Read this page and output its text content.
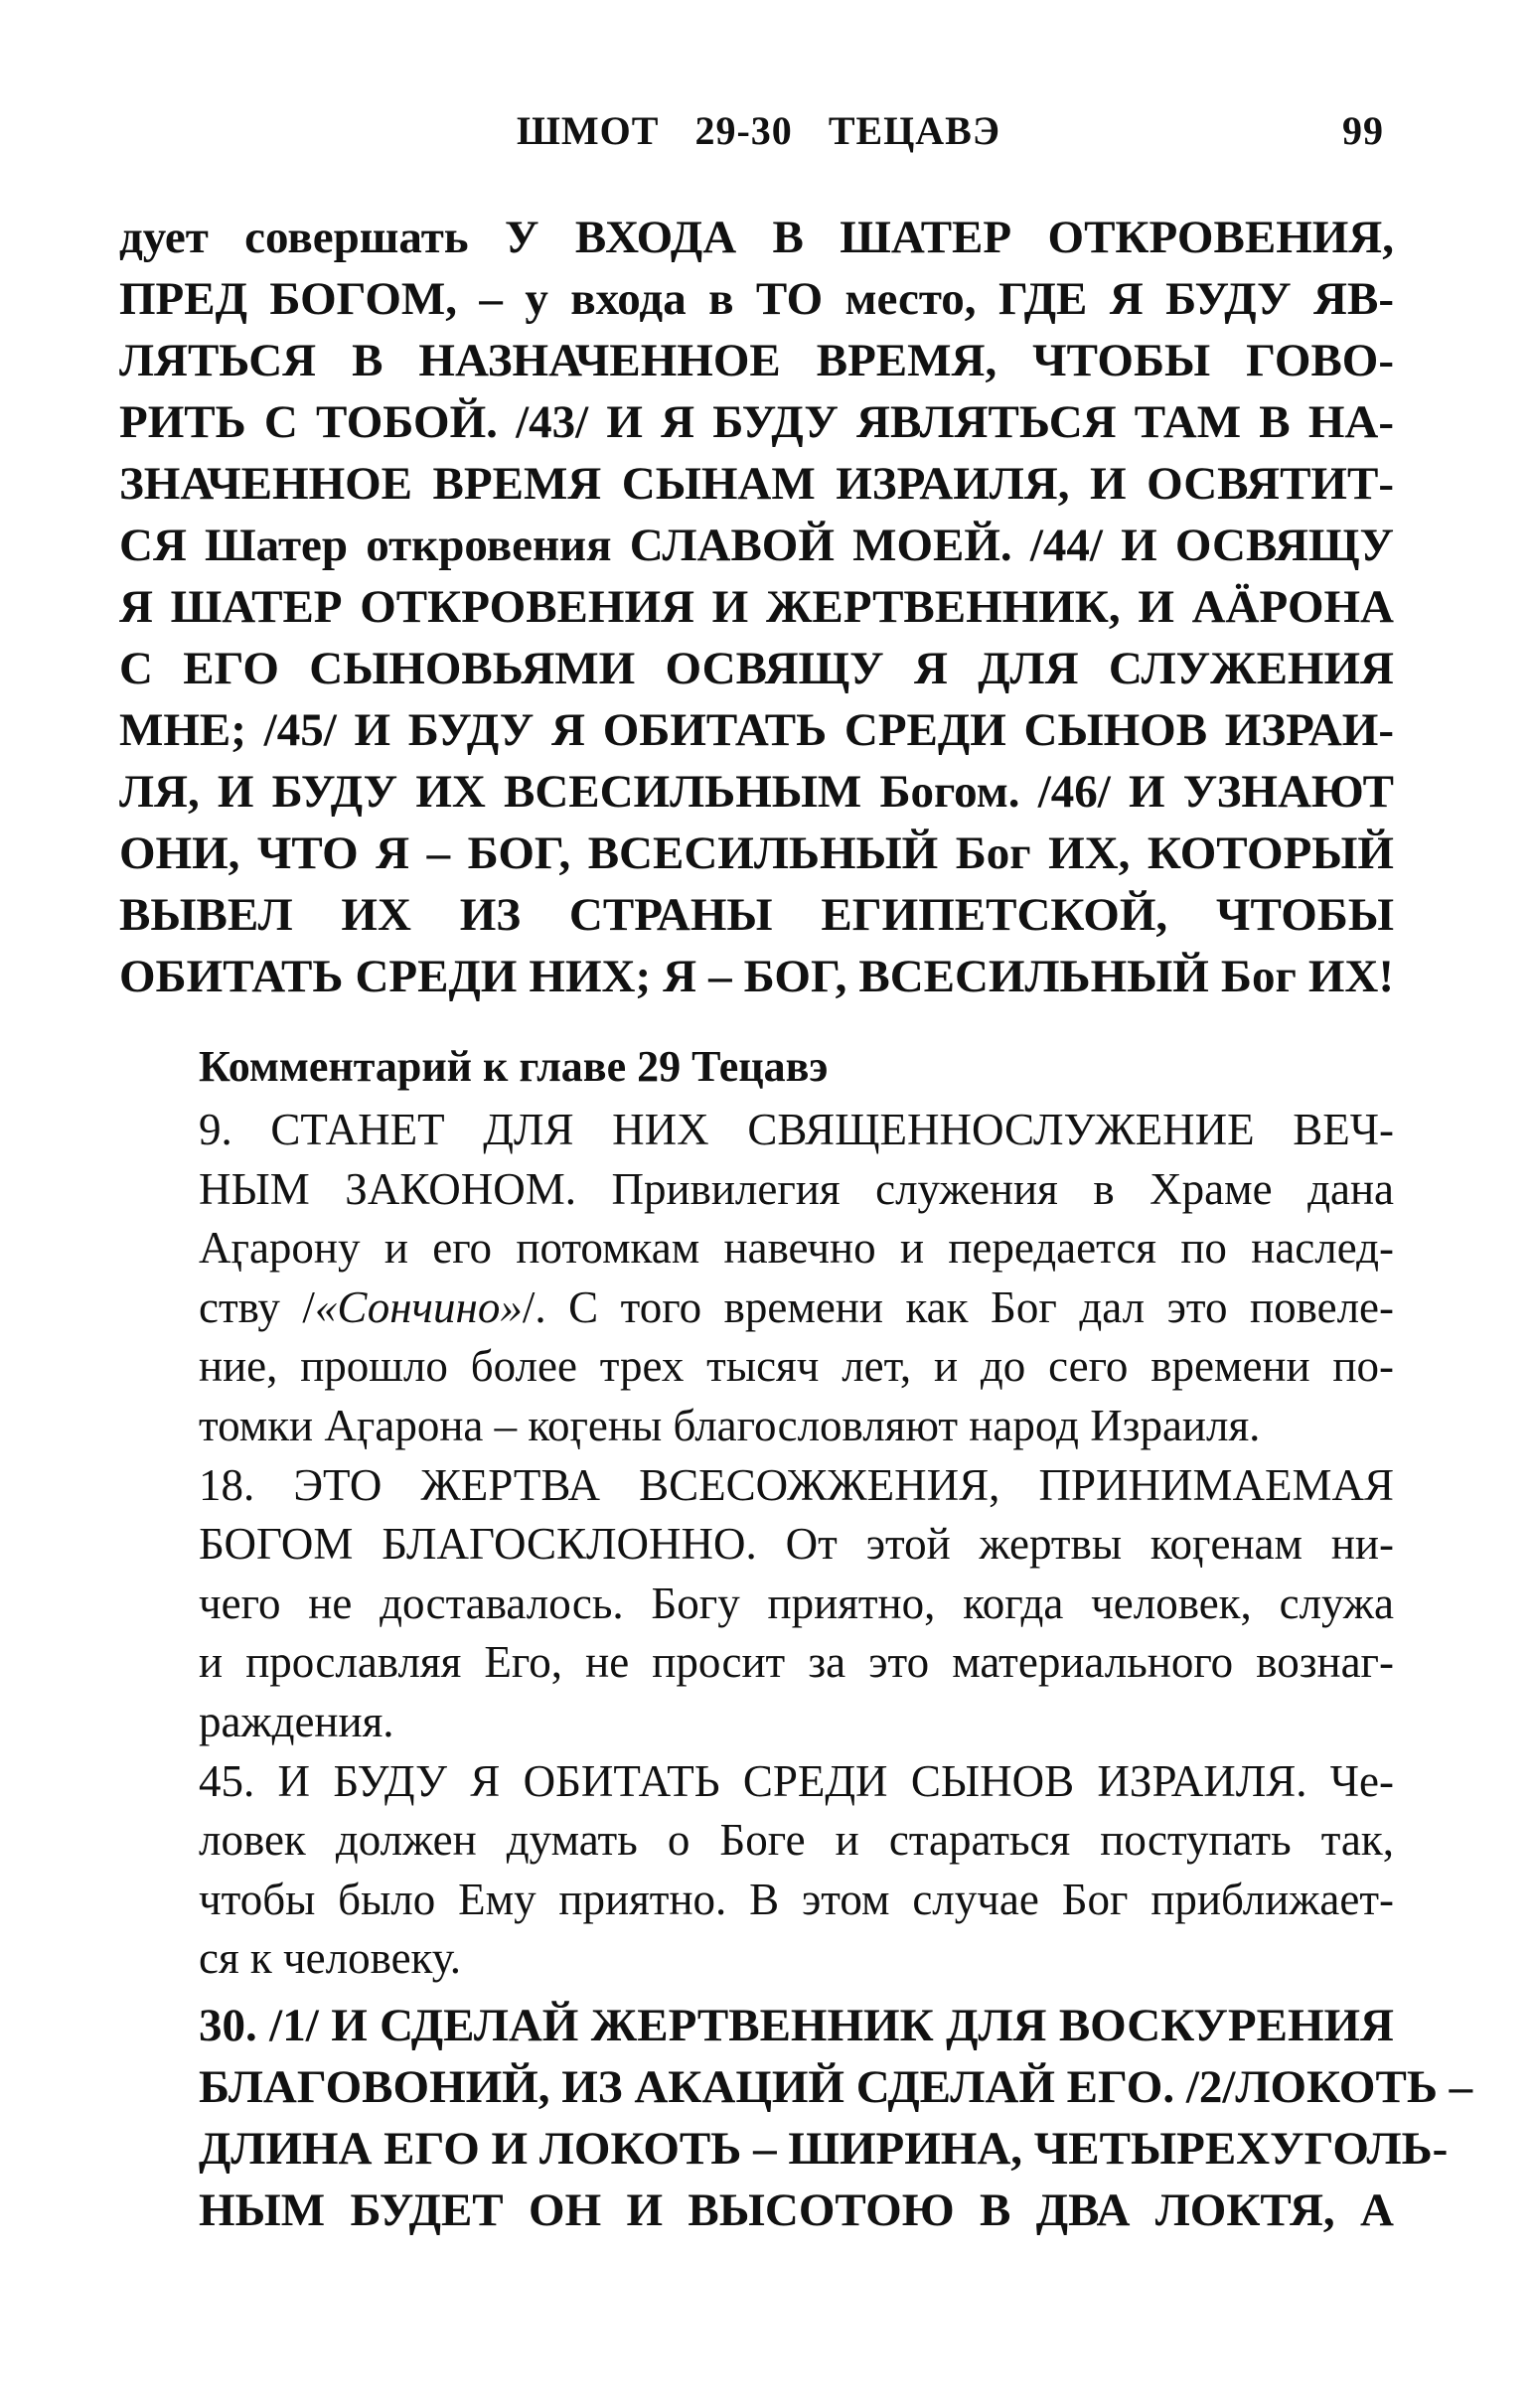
ШМОТ 29-30 ТЕЦАВЭ	99
дует совершать У ВХОДА В ШАТЕР ОТКРОВЕНИЯ,
ПРЕД БОГОМ, – у входа в ТО место, ГДЕ Я БУДУ ЯВ-
ЛЯТЬСЯ В НАЗНАЧЕННОЕ ВРЕМЯ, ЧТОБЫ ГОВО-
РИТЬ С ТОБОЙ. /43/ И Я БУДУ ЯВЛЯТЬСЯ ТАМ В НА-
ЗНАЧЕННОЕ ВРЕМЯ СЫНАМ ИЗРАИЛЯ, И ОСВЯТИТ-
СЯ Шатер откровения СЛАВОЙ МОЕЙ. /44/ И ОСВЯЩУ
Я ШАТЕР ОТКРОВЕНИЯ И ЖЕРТВЕННИК, И АӒРОНА
С ЕГО СЫНОВЬЯМИ ОСВЯЩУ Я ДЛЯ СЛУЖЕНИЯ
МНЕ; /45/ И БУДУ Я ОБИТАТЬ СРЕДИ СЫНОВ ИЗРАИ-
ЛЯ, И БУДУ ИХ ВСЕСИЛЬНЫМ Богом. /46/ И УЗНАЮТ
ОНИ, ЧТО Я – БОГ, ВСЕСИЛЬНЫЙ Бог ИХ, КОТОРЫЙ
ВЫВЕЛ ИХ ИЗ СТРАНЫ ЕГИПЕТСКОЙ, ЧТОБЫ
ОБИТАТЬ СРЕДИ НИХ; Я – БОГ, ВСЕСИЛЬНЫЙ Бог ИХ!
Комментарий к главе 29 Тецавэ
9. СТАНЕТ ДЛЯ НИХ СВЯЩЕННОСЛУЖЕНИЕ ВЕЧ-
НЫМ ЗАКОНОМ. Привилегия служения в Храме дана
Аӷарону и его потомкам навечно и передается по наслед-
ству /«Сончино»/. С того времени как Бог дал это повеле-
ние, прошло более трех тысяч лет, и до сего времени по-
томки Аӷарона – коӷены благословляют народ Израиля.
18. ЭТО ЖЕРТВА ВСЕСОЖЖЕНИЯ, ПРИНИМАЕМАЯ
БОГОМ БЛАГОСКЛОННО. От этой жертвы коӷенам ни-
чего не доставалось. Богу приятно, когда человек, служа
и прославляя Его, не просит за это материального вознаг-
раждения.
45. И БУДУ Я ОБИТАТЬ СРЕДИ СЫНОВ ИЗРАИЛЯ. Че-
ловек должен думать о Боге и стараться поступать так,
чтобы было Ему приятно. В этом случае Бог приближает-
ся к человеку.
30. /1/ И СДЕЛАЙ ЖЕРТВЕННИК ДЛЯ ВОСКУРЕНИЯ
БЛАГОВОНИЙ, ИЗ АКАЦИЙ СДЕЛАЙ ЕГО. /2/ЛОКОТЬ –
ДЛИНА ЕГО И ЛОКОТЬ – ШИРИНА, ЧЕТЫРЕХУГОЛЬ-
НЫМ БУДЕТ ОН И ВЫСОТОЮ В ДВА ЛОКТЯ, А
